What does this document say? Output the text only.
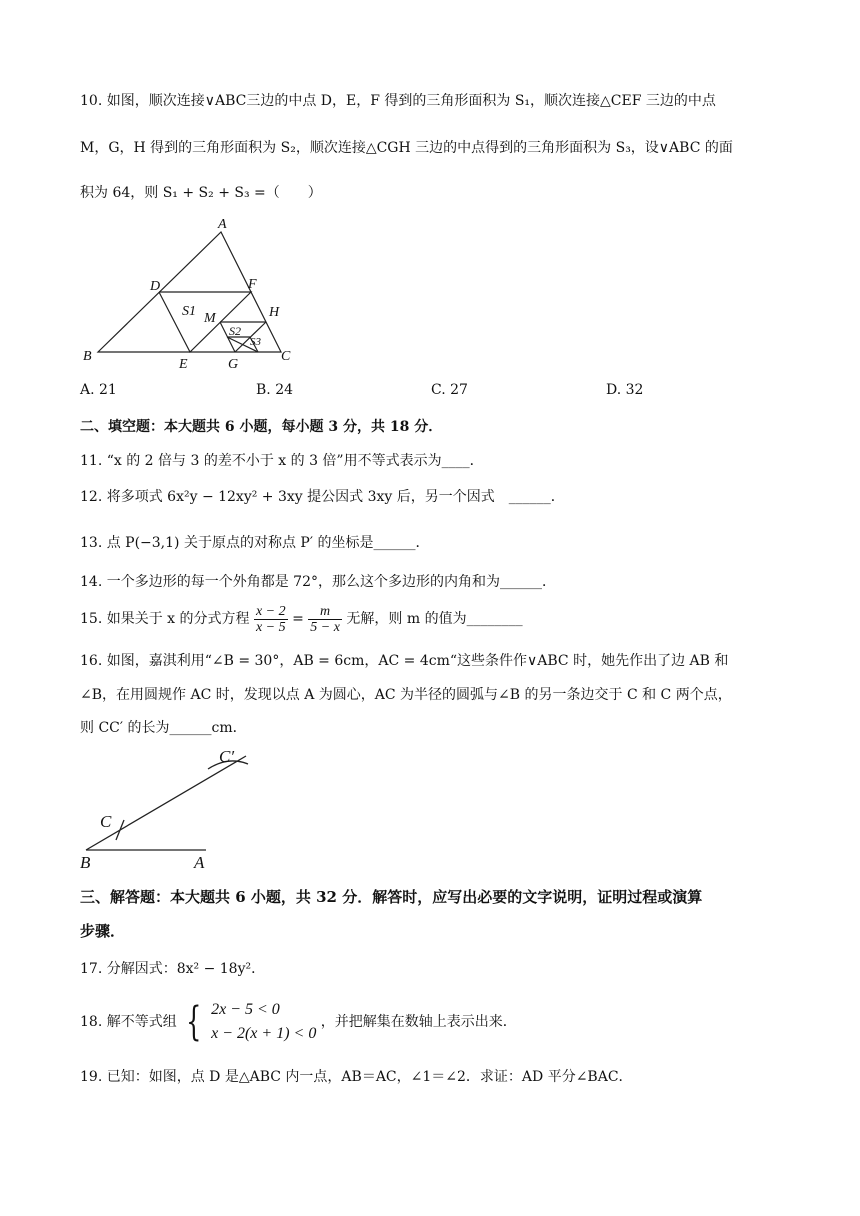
10. 如图，顺次连接∨ABC三边的中点 D，E，F 得到的三角形面积为 S₁，顺次连接△CEF 三边的中点
M，G，H 得到的三角形面积为 S₂，顺次连接△CGH 三边的中点得到的三角形面积为 S₃，设∨ABC 的面
积为 64，则 S₁ + S₂ + S₃ =（　　）
A
D	F
H
M
S1
S2
S3
B
E	G
C
A. 21	B. 24	C. 27	D. 32
二、填空题：本大题共 6 小题，每小题 3 分，共 18 分．
11. “x 的 2 倍与 3 的差不小于 x 的 3 倍”用不等式表示为____．
12. 将多项式 6x²y − 12xy² + 3xy 提公因式 3xy 后，另一个因式　______．
13. 点 P(−3,1) 关于原点的对称点 P′ 的坐标是______．
14. 一个多边形的每一个外角都是 72°，那么这个多边形的内角和为______．
15. 如果关于 x 的分式方程 $\frac{x - 2}{x - 5} = \frac{m}{5 - x}$ 无解，则 m 的值为________
16. 如图，嘉淇利用“∠B = 30°，AB = 6cm，AC = 4cm“这些条件作∨ABC 时，她先作出了边 AB 和
∠B，在用圆规作 AC 时，发现以点 A 为圆心，AC 为半径的圆弧与∠B 的另一条边交于 C 和 C 两个点，
则 CC′ 的长为______cm．
C′
C
B	A
三、解答题：本大题共 6 小题，共 32 分．解答时，应写出必要的文字说明，证明过程或演算
步骤．
17. 分解因式：8x² − 18y²．
18. 解不等式组 { 2x − 5 < 0
x − 2(x + 1) < 0
，并把解集在数轴上表示出来．
19. 已知：如图，点 D 是△ABC 内一点，AB＝AC，∠1＝∠2．求证：AD 平分∠BAC．
